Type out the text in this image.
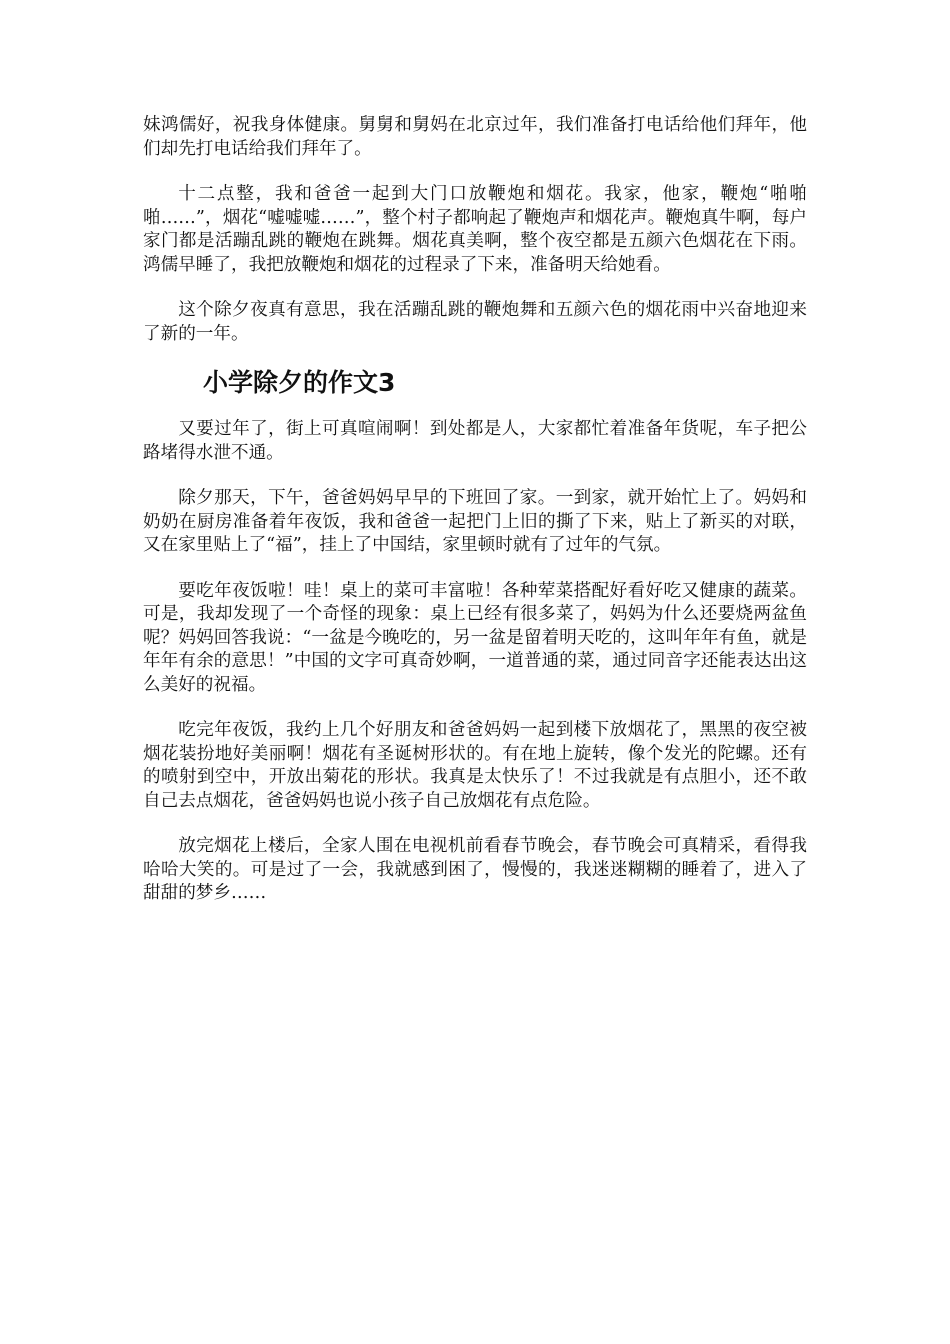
妹鸿儒好，祝我身体健康。舅舅和舅妈在北京过年，我们准备打电话给他们拜年，他们却先打电话给我们拜年了。

十二点整，我和爸爸一起到大门口放鞭炮和烟花。我家，他家，鞭炮“啪啪啪……”，烟花“嘘嘘嘘……”，整个村子都响起了鞭炮声和烟花声。鞭炮真牛啊，每户家门都是活蹦乱跳的鞭炮在跳舞。烟花真美啊，整个夜空都是五颜六色烟花在下雨。鸿儒早睡了，我把放鞭炮和烟花的过程录了下来，准备明天给她看。

这个除夕夜真有意思，我在活蹦乱跳的鞭炮舞和五颜六色的烟花雨中兴奋地迎来了新的一年。

小学除夕的作文3

又要过年了，街上可真喧闹啊！到处都是人，大家都忙着准备年货呢，车子把公路堵得水泄不通。

除夕那天，下午，爸爸妈妈早早的下班回了家。一到家，就开始忙上了。妈妈和奶奶在厨房准备着年夜饭，我和爸爸一起把门上旧的撕了下来，贴上了新买的对联，又在家里贴上了“福”，挂上了中国结，家里顿时就有了过年的气氛。

要吃年夜饭啦！哇！桌上的菜可丰富啦！各种荤菜搭配好看好吃又健康的蔬菜。可是，我却发现了一个奇怪的现象：桌上已经有很多菜了，妈妈为什么还要烧两盆鱼呢？妈妈回答我说：“一盆是今晚吃的，另一盆是留着明天吃的，这叫年年有鱼，就是年年有余的意思！”中国的文字可真奇妙啊，一道普通的菜，通过同音字还能表达出这么美好的祝福。

吃完年夜饭，我约上几个好朋友和爸爸妈妈一起到楼下放烟花了，黑黑的夜空被烟花装扮地好美丽啊！烟花有圣诞树形状的。有在地上旋转，像个发光的陀螺。还有的喷射到空中，开放出菊花的形状。我真是太快乐了！不过我就是有点胆小，还不敢自己去点烟花，爸爸妈妈也说小孩子自己放烟花有点危险。

放完烟花上楼后，全家人围在电视机前看春节晚会，春节晚会可真精采，看得我哈哈大笑的。可是过了一会，我就感到困了，慢慢的，我迷迷糊糊的睡着了，进入了甜甜的梦乡……
